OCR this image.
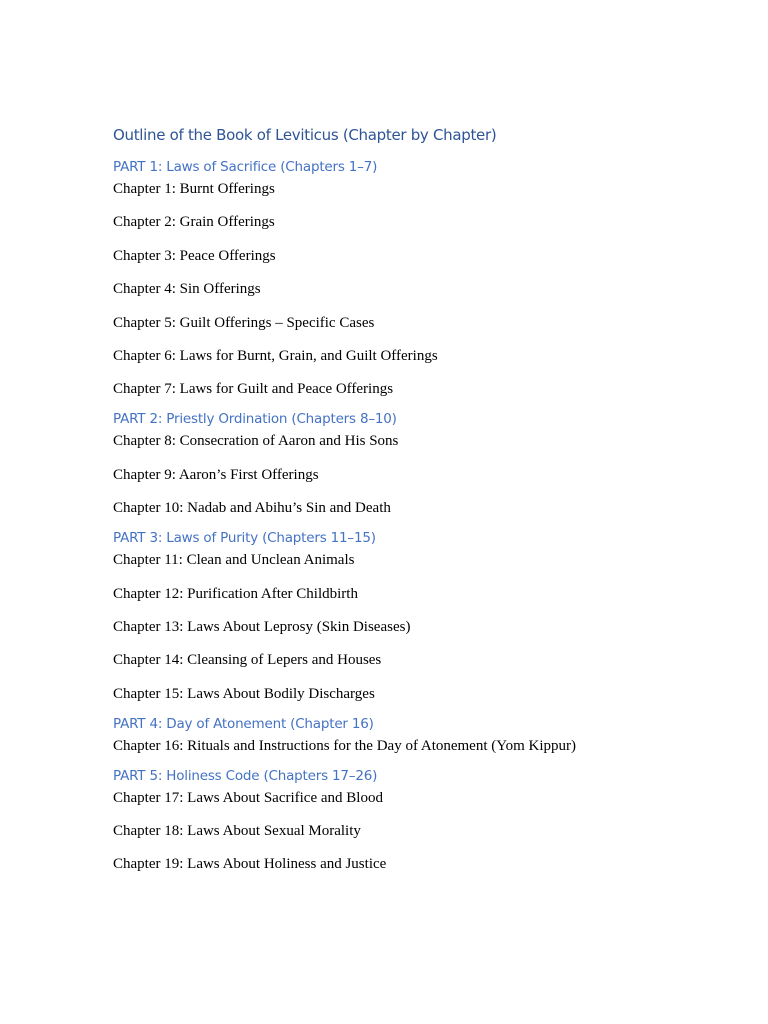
Outline of the Book of Leviticus (Chapter by Chapter)
PART 1: Laws of Sacrifice (Chapters 1–7)

Chapter 1: Burnt Offerings

Chapter 2: Grain Offerings

Chapter 3: Peace Offerings

Chapter 4: Sin Offerings

Chapter 5: Guilt Offerings – Specific Cases

Chapter 6: Laws for Burnt, Grain, and Guilt Offerings

Chapter 7: Laws for Guilt and Peace Offerings

PART 2: Priestly Ordination (Chapters 8–10)

Chapter 8: Consecration of Aaron and His Sons

Chapter 9: Aaron’s First Offerings

Chapter 10: Nadab and Abihu’s Sin and Death

PART 3: Laws of Purity (Chapters 11–15)

Chapter 11: Clean and Unclean Animals

Chapter 12: Purification After Childbirth

Chapter 13: Laws About Leprosy (Skin Diseases)

Chapter 14: Cleansing of Lepers and Houses

Chapter 15: Laws About Bodily Discharges

PART 4: Day of Atonement (Chapter 16)

Chapter 16: Rituals and Instructions for the Day of Atonement (Yom Kippur)

PART 5: Holiness Code (Chapters 17–26)

Chapter 17: Laws About Sacrifice and Blood

Chapter 18: Laws About Sexual Morality

Chapter 19: Laws About Holiness and Justice
